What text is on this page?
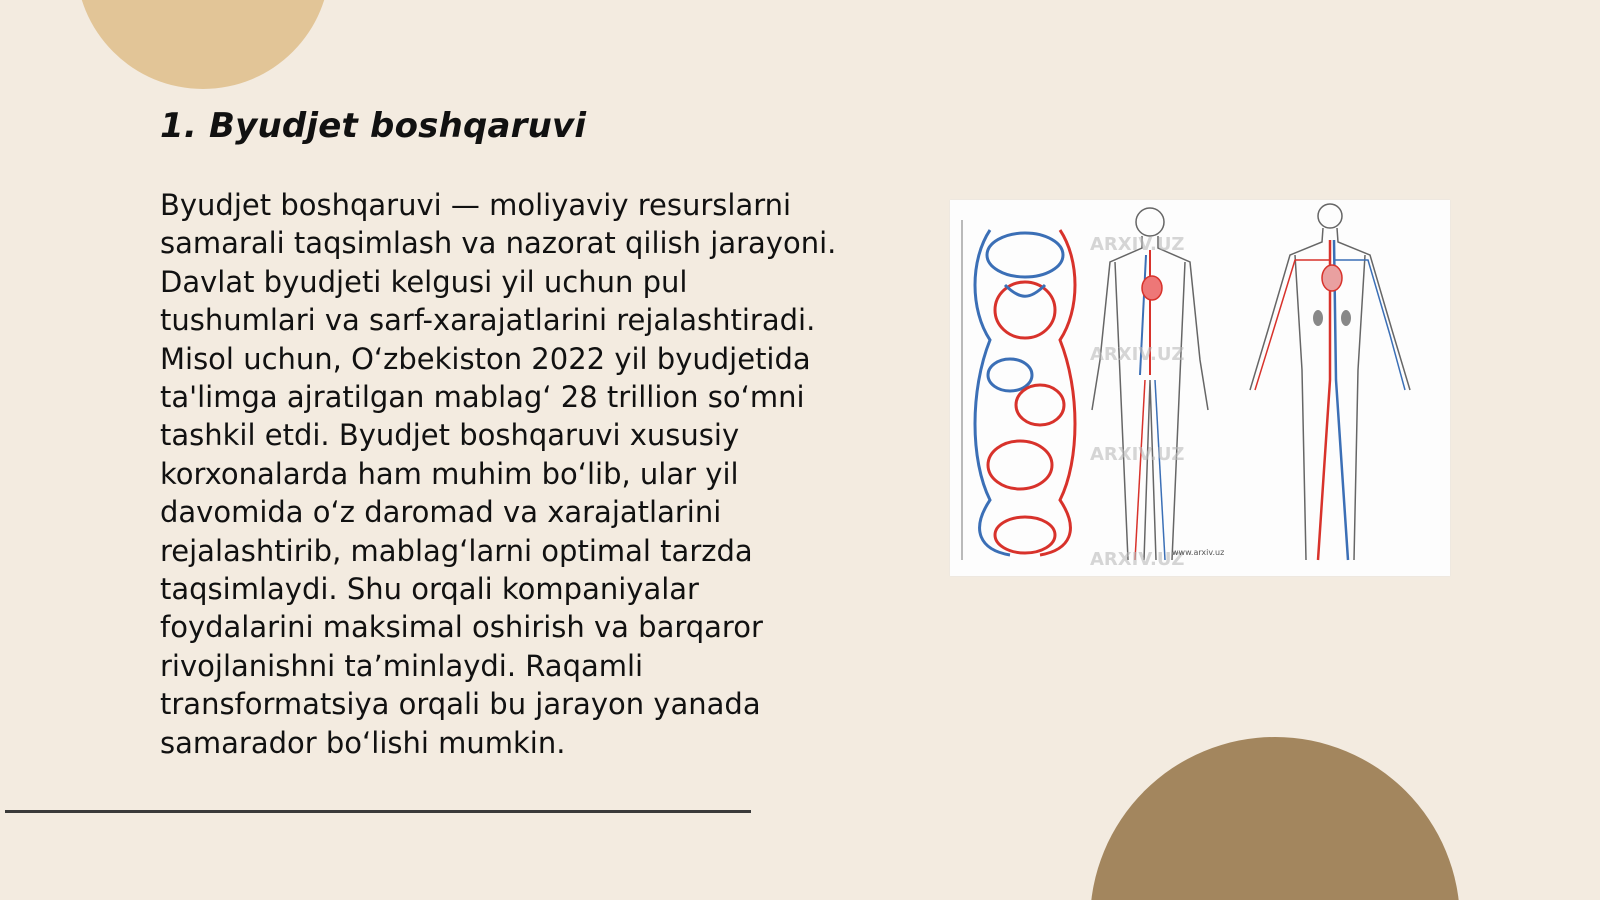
1. Byudjet boshqaruvi

Byudjet boshqaruvi — moliyaviy resurslarni samarali taqsimlash va nazorat qilish jarayoni. Davlat byudjeti kelgusi yil uchun pul tushumlari va sarf-xarajatlarini rejalashtiradi. Misol uchun, Oʻzbekiston 2022 yil byudjetida ta'limga ajratilgan mablagʻ 28 trillion soʻmni tashkil etdi. Byudjet boshqaruvi xususiy korxonalarda ham muhim boʻlib, ular yil davomida oʻz daromad va xarajatlarini rejalashtirib, mablagʻlarni optimal tarzda taqsimlaydi. Shu orqali kompaniyalar foydalarini maksimal oshirish va barqaror rivojlanishni taʼminlaydi. Raqamli transformatsiya orqali bu jarayon yanada samarador boʻlishi mumkin.

ARXIV.UZ
ARXIV.UZ
ARXIV.UZ
ARXIV.UZ
www.arxiv.uz
